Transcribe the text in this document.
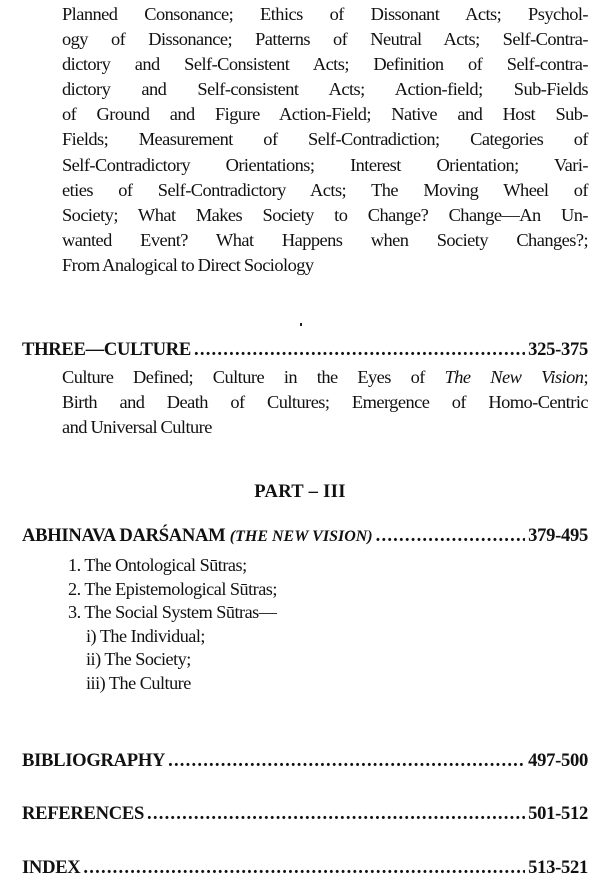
Planned Consonance; Ethics of Dissonant Acts; Psychol-
ogy of Dissonance; Patterns of Neutral Acts; Self-Contra-
dictory and Self-Consistent Acts; Definition of Self-contra-
dictory and Self-consistent Acts; Action-field; Sub-Fields
of Ground and Figure Action-Field; Native and Host Sub-
Fields; Measurement of Self-Contradiction; Categories of
Self-Contradictory Orientations; Interest Orientation; Vari-
eties of Self-Contradictory Acts; The Moving Wheel of
Society; What Makes Society to Change? Change—An Un-
wanted Event? What Happens when Society Changes?;
From Analogical to Direct Sociology
THREE—CULTURE .....	325-375
Culture Defined; Culture in the Eyes of The New Vision;
Birth and Death of Cultures; Emergence of Homo-Centric
and Universal Culture
PART – III
ABHINAVA DARŚANAM (THE NEW VISION) .....	379-495
1. The Ontological Sūtras;
2. The Epistemological Sūtras;
3. The Social System Sūtras—
i) The Individual;
ii) The Society;
iii) The Culture
BIBLIOGRAPHY .....	497-500
REFERENCES .....	501-512
INDEX .....	513-521
